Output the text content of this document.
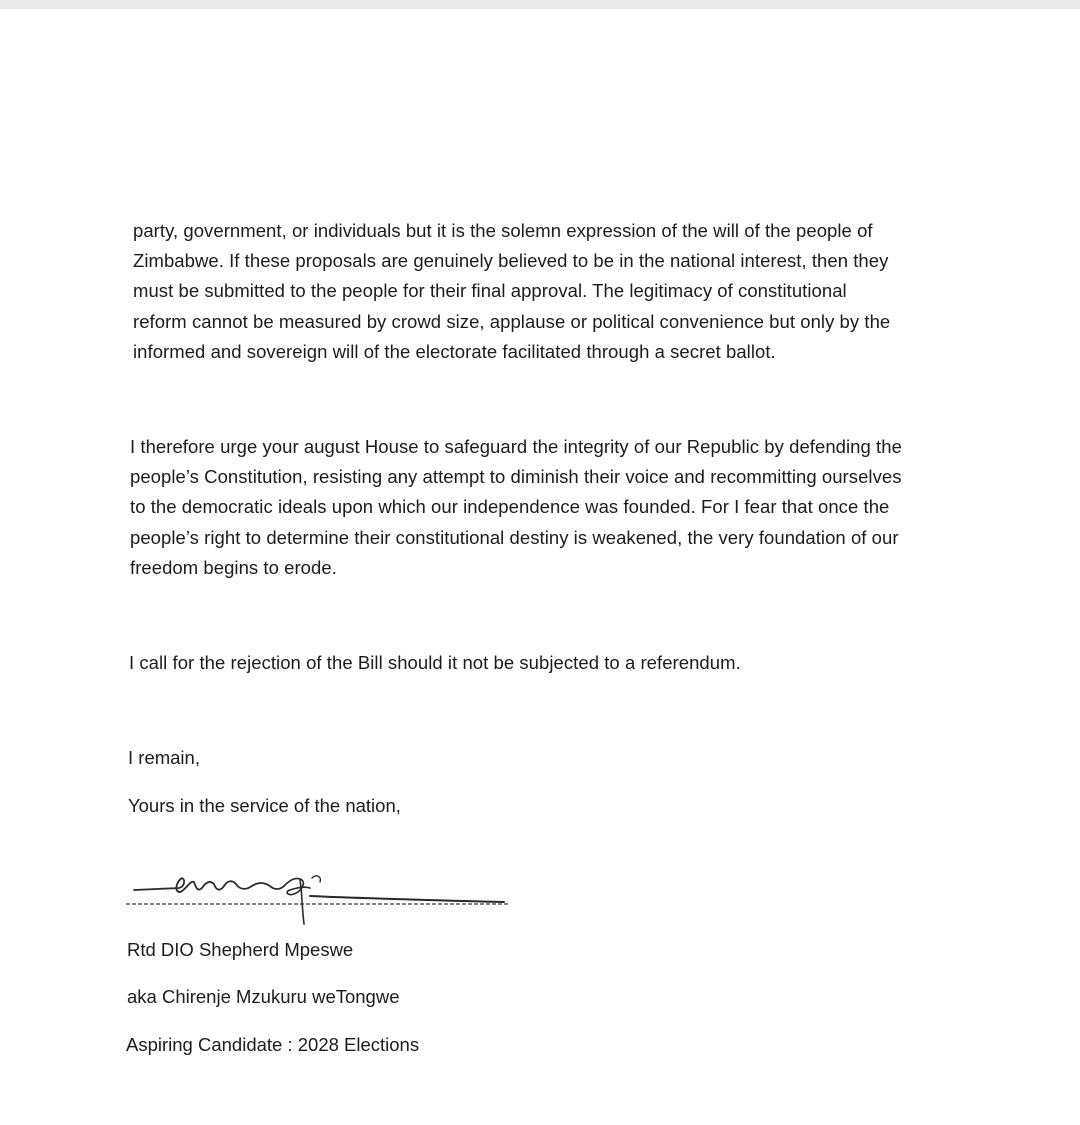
party, government, or individuals but it is the solemn expression of the will of the people of
Zimbabwe. If these proposals are genuinely believed to be in the national interest, then they
must be submitted to the people for their final approval. The legitimacy of constitutional
reform cannot be measured by crowd size, applause or political convenience but only by the
informed and sovereign will of the electorate facilitated through a secret ballot.
I therefore urge your august House to safeguard the integrity of our Republic by defending the
people’s Constitution, resisting any attempt to diminish their voice and recommitting ourselves
to the democratic ideals upon which our independence was founded. For I fear that once the
people’s right to determine their constitutional destiny is weakened, the very foundation of our
freedom begins to erode.
I call for the rejection of the Bill should it not be subjected to a referendum.

I remain,

Yours in the service of the nation,

Rtd DIO Shepherd Mpeswe

aka Chirenje Mzukuru weTongwe

Aspiring Candidate : 2028 Elections
